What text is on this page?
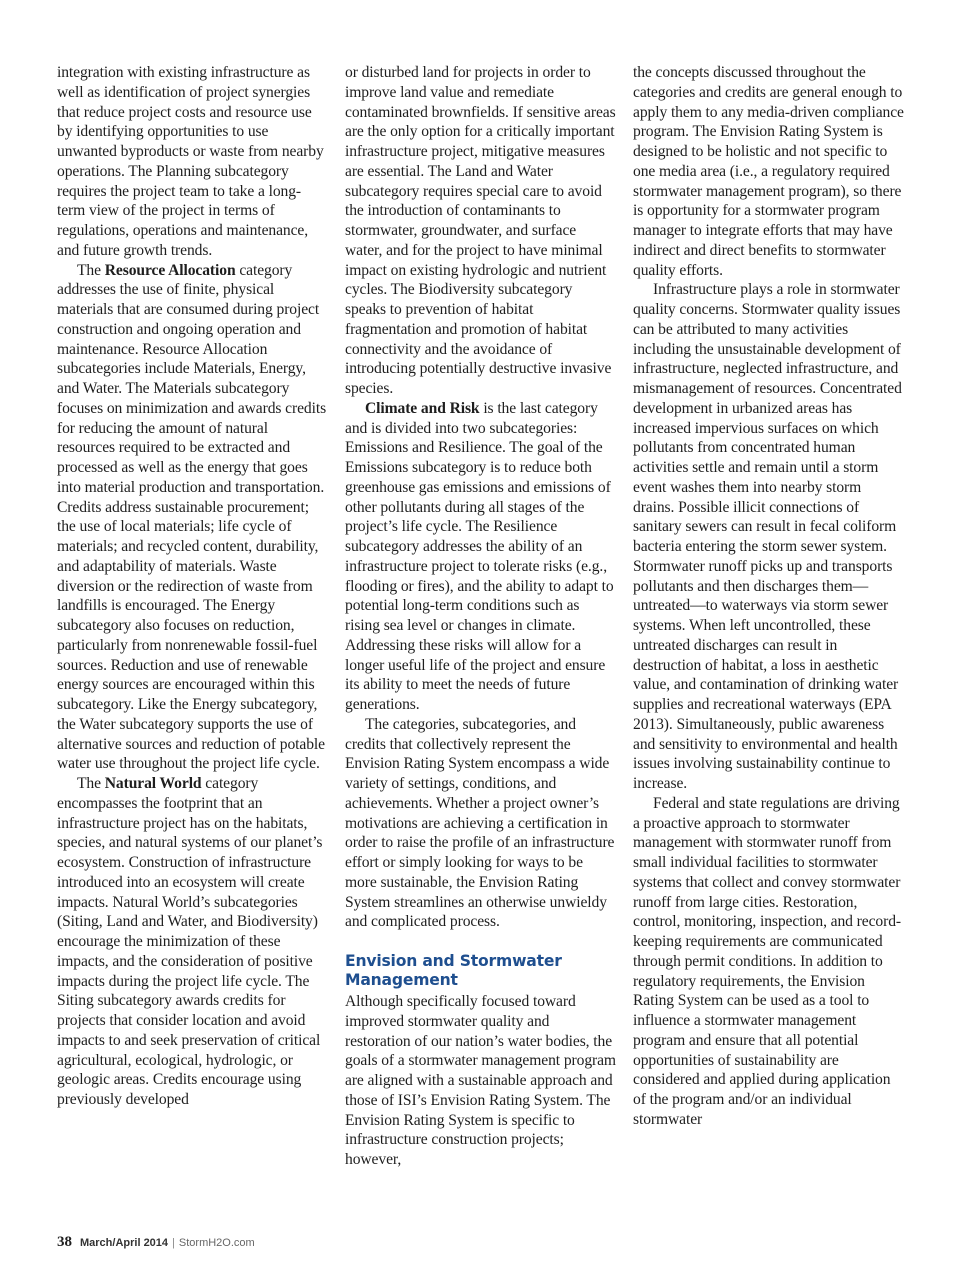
integration with existing infrastructure as well as identification of project synergies that reduce project costs and resource use by identifying opportunities to use unwanted byproducts or waste from nearby operations. The Planning subcategory requires the project team to take a long-term view of the project in terms of regulations, operations and maintenance, and future growth trends.

The Resource Allocation category addresses the use of finite, physical materials that are consumed during project construction and ongoing operation and maintenance. Resource Allocation subcategories include Materials, Energy, and Water. The Materials subcategory focuses on minimization and awards credits for reducing the amount of natural resources required to be extracted and processed as well as the energy that goes into material production and transportation. Credits address sustainable procurement; the use of local materials; life cycle of materials; and recycled content, durability, and adaptability of materials. Waste diversion or the redirection of waste from landfills is encouraged. The Energy subcategory also focuses on reduction, particularly from nonrenewable fossil-fuel sources. Reduction and use of renewable energy sources are encouraged within this subcategory. Like the Energy subcategory, the Water subcategory supports the use of alternative sources and reduction of potable water use throughout the project life cycle.

The Natural World category encompasses the footprint that an infrastructure project has on the habitats, species, and natural systems of our planet’s ecosystem. Construction of infrastructure introduced into an ecosystem will create impacts. Natural World’s subcategories (Siting, Land and Water, and Biodiversity) encourage the minimization of these impacts, and the consideration of positive impacts during the project life cycle. The Siting subcategory awards credits for projects that consider location and avoid impacts to and seek preservation of critical agricultural, ecological, hydrologic, or geologic areas. Credits encourage using previously developed

or disturbed land for projects in order to improve land value and remediate contaminated brownfields. If sensitive areas are the only option for a critically important infrastructure project, mitigative measures are essential. The Land and Water subcategory requires special care to avoid the introduction of contaminants to stormwater, groundwater, and surface water, and for the project to have minimal impact on existing hydrologic and nutrient cycles. The Biodiversity subcategory speaks to prevention of habitat fragmentation and promotion of habitat connectivity and the avoidance of introducing potentially destructive invasive species.

Climate and Risk is the last category and is divided into two subcategories: Emissions and Resilience. The goal of the Emissions subcategory is to reduce both greenhouse gas emissions and emissions of other pollutants during all stages of the project’s life cycle. The Resilience subcategory addresses the ability of an infrastructure project to tolerate risks (e.g., flooding or fires), and the ability to adapt to potential long-term conditions such as rising sea level or changes in climate. Addressing these risks will allow for a longer useful life of the project and ensure its ability to meet the needs of future generations.

The categories, subcategories, and credits that collectively represent the Envision Rating System encompass a wide variety of settings, conditions, and achievements. Whether a project owner’s motivations are achieving a certification in order to raise the profile of an infrastructure effort or simply looking for ways to be more sustainable, the Envision Rating System streamlines an otherwise unwieldy and complicated process.

Envision and Stormwater Management

Although specifically focused toward improved stormwater quality and restoration of our nation’s water bodies, the goals of a stormwater management program are aligned with a sustainable approach and those of ISI’s Envision Rating System. The Envision Rating System is specific to infrastructure construction projects; however,

the concepts discussed throughout the categories and credits are general enough to apply them to any media-driven compliance program. The Envision Rating System is designed to be holistic and not specific to one media area (i.e., a regulatory required stormwater management program), so there is opportunity for a stormwater program manager to integrate efforts that may have indirect and direct benefits to stormwater quality efforts.

Infrastructure plays a role in stormwater quality concerns. Stormwater quality issues can be attributed to many activities including the unsustainable development of infrastructure, neglected infrastructure, and mismanagement of resources. Concentrated development in urbanized areas has increased impervious surfaces on which pollutants from concentrated human activities settle and remain until a storm event washes them into nearby storm drains. Possible illicit connections of sanitary sewers can result in fecal coliform bacteria entering the storm sewer system. Stormwater runoff picks up and transports pollutants and then discharges them—untreated—to waterways via storm sewer systems. When left uncontrolled, these untreated discharges can result in destruction of habitat, a loss in aesthetic value, and contamination of drinking water supplies and recreational waterways (EPA 2013). Simultaneously, public awareness and sensitivity to environmental and health issues involving sustainability continue to increase.

Federal and state regulations are driving a proactive approach to stormwater management with stormwater runoff from small individual facilities to stormwater systems that collect and convey stormwater runoff from large cities. Restoration, control, monitoring, inspection, and record-keeping requirements are communicated through permit conditions. In addition to regulatory requirements, the Envision Rating System can be used as a tool to influence a stormwater management program and ensure that all potential opportunities of sustainability are considered and applied during application of the program and/or an individual stormwater

38 March/April 2014 | StormH2O.com
